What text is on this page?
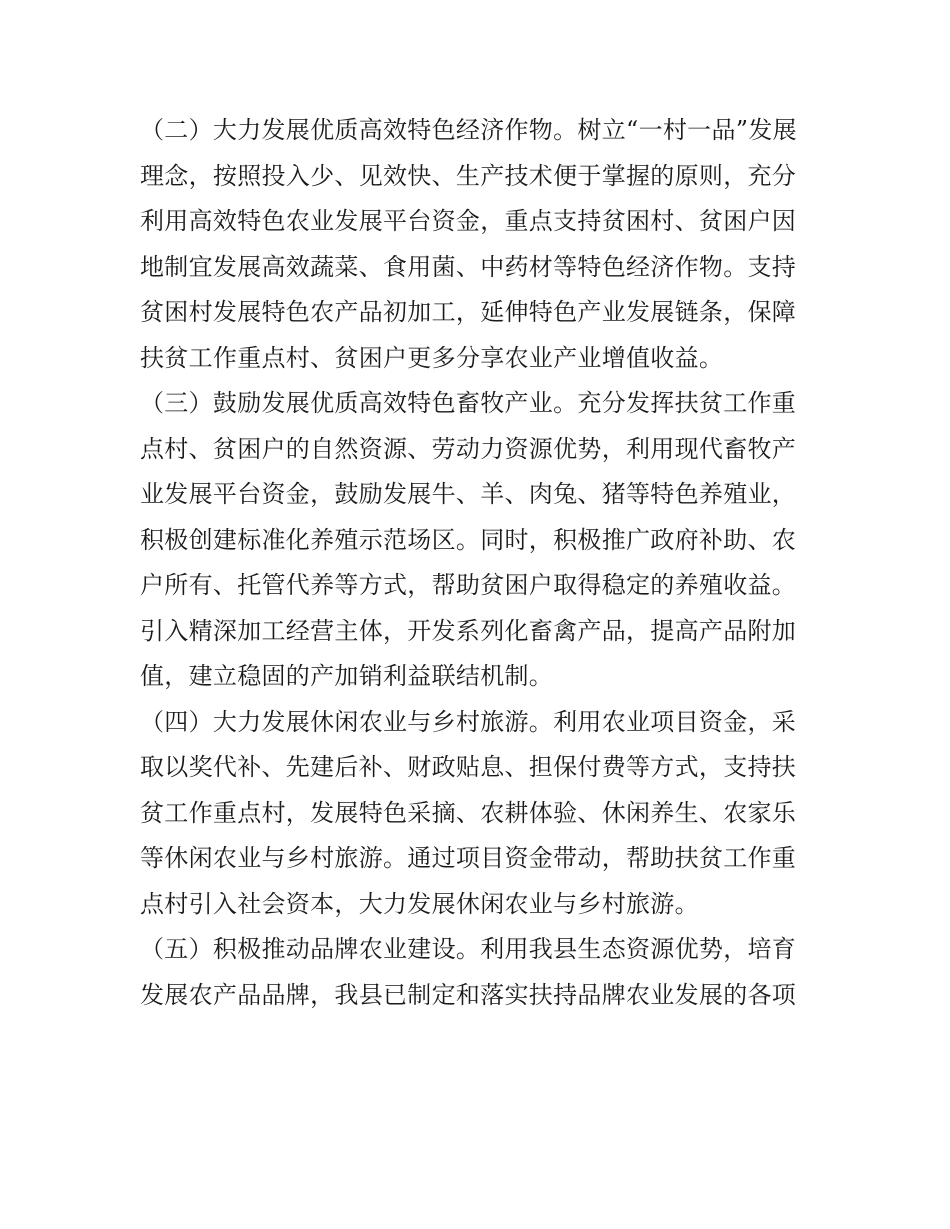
（二）大力发展优质高效特色经济作物。树立“一村一品”发展
理念，按照投入少、见效快、生产技术便于掌握的原则，充分
利用高效特色农业发展平台资金，重点支持贫困村、贫困户因
地制宜发展高效蔬菜、食用菌、中药材等特色经济作物。支持
贫困村发展特色农产品初加工，延伸特色产业发展链条，保障
扶贫工作重点村、贫困户更多分享农业产业增值收益。

（三）鼓励发展优质高效特色畜牧产业。充分发挥扶贫工作重
点村、贫困户的自然资源、劳动力资源优势，利用现代畜牧产
业发展平台资金，鼓励发展牛、羊、肉兔、猪等特色养殖业，
积极创建标准化养殖示范场区。同时，积极推广政府补助、农
户所有、托管代养等方式，帮助贫困户取得稳定的养殖收益。
引入精深加工经营主体，开发系列化畜禽产品，提高产品附加
值，建立稳固的产加销利益联结机制。

（四）大力发展休闲农业与乡村旅游。利用农业项目资金，采
取以奖代补、先建后补、财政贴息、担保付费等方式，支持扶
贫工作重点村，发展特色采摘、农耕体验、休闲养生、农家乐
等休闲农业与乡村旅游。通过项目资金带动，帮助扶贫工作重
点村引入社会资本，大力发展休闲农业与乡村旅游。

（五）积极推动品牌农业建设。利用我县生态资源优势，培育
发展农产品品牌，我县已制定和落实扶持品牌农业发展的各项
